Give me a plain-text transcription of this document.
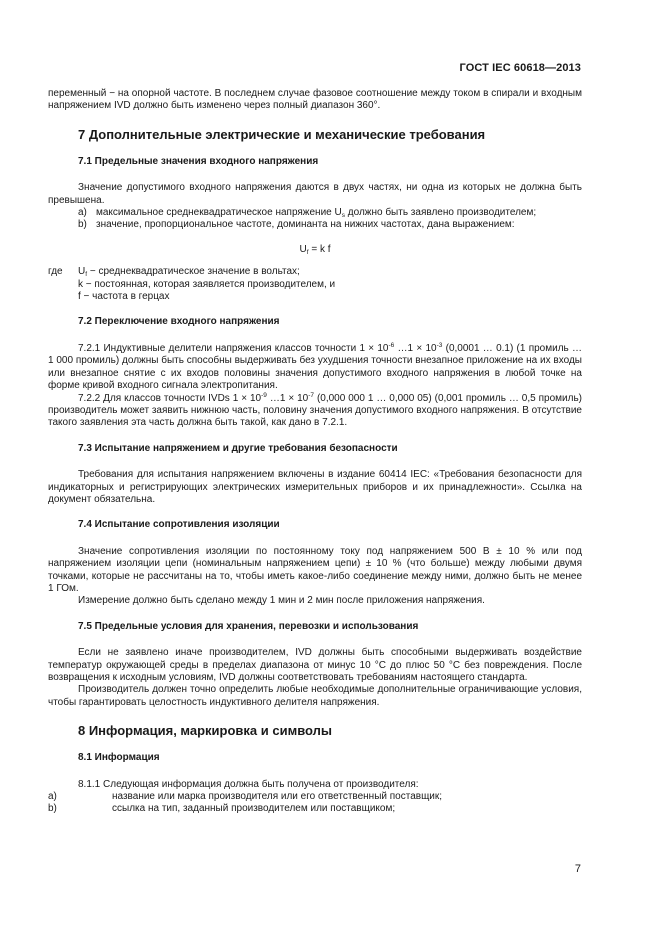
ГОСТ IEC 60618—2013

переменный − на опорной частоте. В последнем случае фазовое соотношение между током в спирали и входным напряжением IVD должно быть изменено через полный диапазон 360°.

7 Дополнительные электрические и механические требования
7.1 Предельные значения входного напряжения

Значение допустимого входного напряжения даются в двух частях, ни одна из которых не должна быть превышена.

a) максимальное среднеквадратическое напряжение $U_s$ должно быть заявлено производителем;
b) значение, пропорциональное частоте, доминанта на нижних частотах, дана выражением:
$U_f = k$ f
где	$U_f$ − среднеквадратическое значение в вольтах;
k − постоянная, которая заявляется производителем, и
f − частота в герцах
7.2 Переключение входного напряжения

7.2.1 Индуктивные делители напряжения классов точности $1 \times 10^{-6}$ …1 × $10^{-3}$ (0,0001 … 0.1) (1 промиль … 1 000 промиль) должны быть способны выдерживать без ухудшения точности внезапное приложение на их входы или внезапное снятие с их входов половины значения допустимого входного напряжения в любой точке на форме кривой входного сигнала электропитания.

7.2.2 Для классов точности IVDs $1 \times 10^{-9}$ …1 × $10^{-7}$ (0,000 000 1 … 0,000 05) (0,001 промиль … 0,5 промиль) производитель может заявить нижнюю часть, половину значения допустимого входного напряжения. В отсутствие такого заявления эта часть должна быть такой, как дано в 7.2.1.

7.3 Испытание напряжением и другие требования безопасности

Требования для испытания напряжением включены в издание 60414 IEC: «Требования безопасности для индикаторных и регистрирующих электрических измерительных приборов и их принадлежности». Ссылка на документ обязательна.

7.4 Испытание сопротивления изоляции

Значение сопротивления изоляции по постоянному току под напряжением 500 В ± 10 % или под напряжением изоляции цепи (номинальным напряжением цепи) ± 10 % (что больше) между любыми двумя точками, которые не рассчитаны на то, чтобы иметь какое-либо соединение между ними, должно быть не менее 1 ГОм.

Измерение должно быть сделано между 1 мин и 2 мин после приложения напряжения.

7.5 Предельные условия для хранения, перевозки и использования

Если не заявлено иначе производителем, IVD должны быть способными выдерживать воздействие температур окружающей среды в пределах диапазона от минус 10 °С до плюс 50 °С без повреждения. После возвращения к исходным условиям, IVD должны соответствовать требованиям настоящего стандарта.

Производитель должен точно определить любые необходимые дополнительные ограничивающие условия, чтобы гарантировать целостность индуктивного делителя напряжения.

8 Информация, маркировка и символы
8.1 Информация

8.1.1 Следующая информация должна быть получена от производителя:

a)	название или марка производителя или его ответственный поставщик;
b)	ссылка на тип, заданный производителем или поставщиком;
7
